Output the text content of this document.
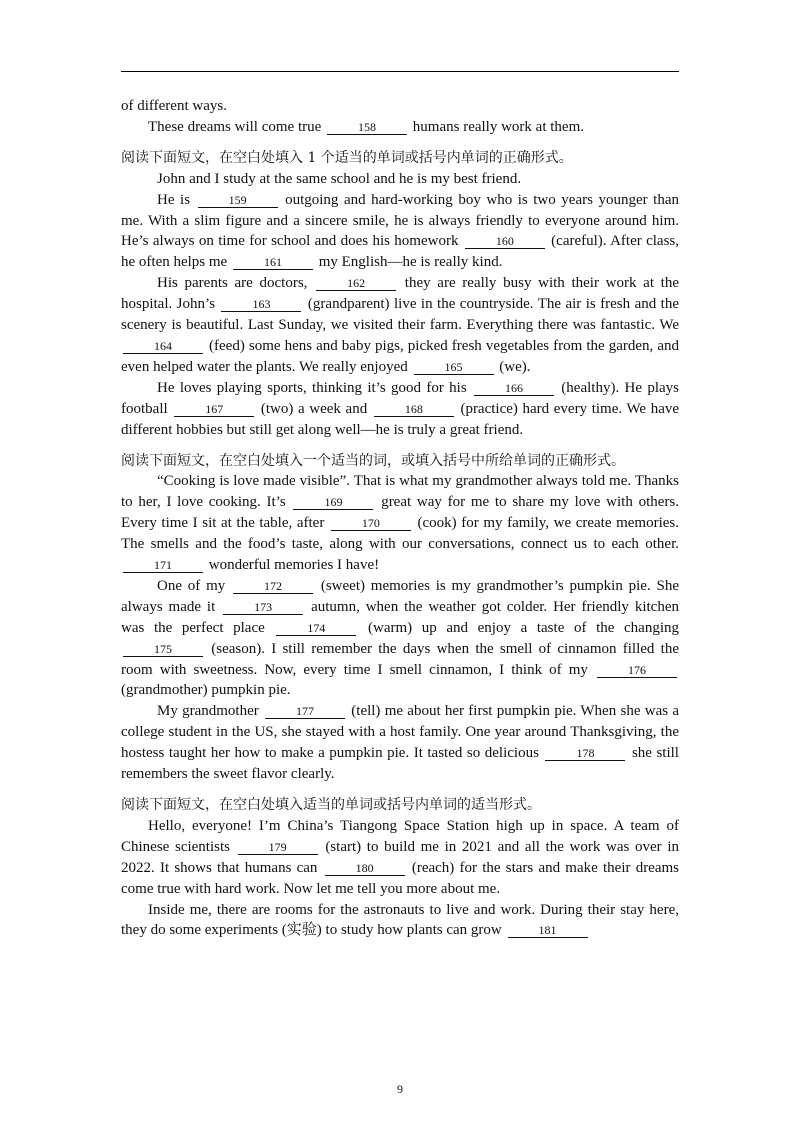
of different ways.

These dreams will come true	158 humans really work at them.

阅读下面短文，在空白处填入 1 个适当的单词或括号内单词的正确形式。

John and I study at the same school and he is my best friend.

He is	159 outgoing and hard-working boy who is two years younger than me. With a slim figure and a sincere smile, he is always friendly to everyone around him. He’s always on time for school and does his homework	160 (careful). After class, he often helps me	161 my English—he is really kind.

His parents are doctors,	162 they are really busy with their work at the hospital. John’s	163 (grandparent) live in the countryside. The air is fresh and the scenery is beautiful. Last Sunday, we visited their farm. Everything there was fantastic. We 164 (feed) some hens and baby pigs, picked fresh vegetables from the garden, and even helped water the plants. We really enjoyed	165 (we).

He loves playing sports, thinking it’s good for his	166 (healthy). He plays football	167 (two) a week and	168 (practice) hard every time. We have different hobbies but still get along well—he is truly a great friend.

阅读下面短文，在空白处填入一个适当的词，或填入括号中所给单词的正确形式。

“Cooking is love made visible”. That is what my grandmother always told me. Thanks to her, I love cooking. It’s	169 great way for me to share my love with others. Every time I sit at the table, after	170 (cook) for my family, we create memories. The smells and the food’s taste, along with our conversations, connect us to each other. 171 wonderful memories I have!

One of my	172 (sweet) memories is my grandmother’s pumpkin pie. She always made it	173 autumn, when the weather got colder. Her friendly kitchen was the perfect place	174 (warm) up and enjoy a taste of the changing 175 (season). I still remember the days when the smell of cinnamon filled the room with sweetness. Now, every time I smell cinnamon, I think of my	176 (grandmother) pumpkin pie.

My grandmother	177 (tell) me about her first pumpkin pie. When she was a college student in the US, she stayed with a host family. One year around Thanksgiving, the hostess taught her how to make a pumpkin pie. It tasted so delicious	178 she still remembers the sweet flavor clearly.

阅读下面短文，在空白处填入适当的单词或括号内单词的适当形式。

Hello, everyone! I’m China’s Tiangong Space Station high up in space. A team of Chinese scientists	179 (start) to build me in 2021 and all the work was over in 2022. It shows that humans can	180 (reach) for the stars and make their dreams come true with hard work. Now let me tell you more about me.

Inside me, there are rooms for the astronauts to live and work. During their stay here, they do some experiments (实验) to study how plants can grow	181

9
